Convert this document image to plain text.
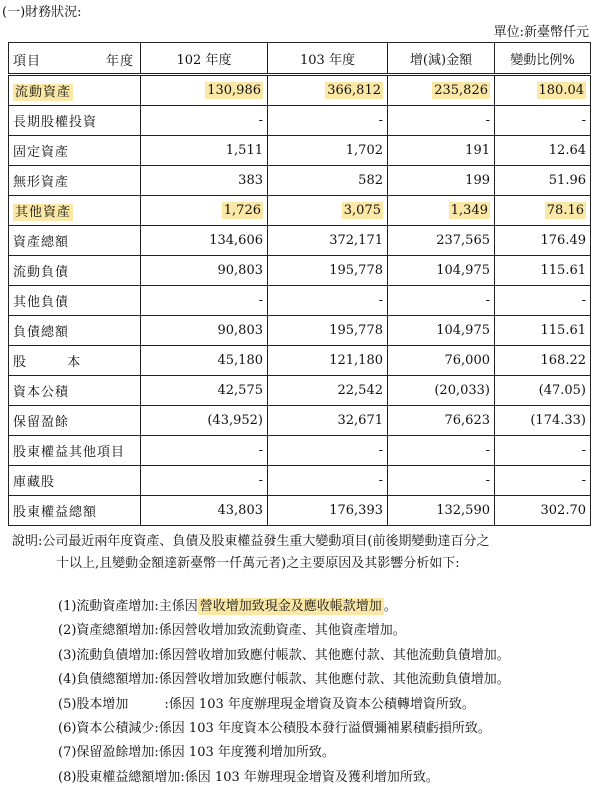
(一)財務狀況:
單位:新臺幣仟元
項目 年度	102 年度	103 年度	增(減)金額	變動比例%
流動資產	130,986	366,812	235,826	180.04
長期股權投資	-	-	-	-
固定資產	1,511	1,702	191	12.64
無形資產	383	582	199	51.96
其他資產	1,726	3,075	1,349	78.16
資產總額	134,606	372,171	237,565	176.49
流動負債	90,803	195,778	104,975	115.61
其他負債	-	-	-	-
負債總額	90,803	195,778	104,975	115.61
股 本	45,180	121,180	76,000	168.22
資本公積	42,575	22,542	(20,033)	(47.05)
保留盈餘	(43,952)	32,671	76,623	(174.33)
股東權益其他項目	-	-	-	-
庫藏股	-	-	-	-
股東權益總額	43,803	176,393	132,590	302.70
說明:公司最近兩年度資產、負債及股東權益發生重大變動項目(前後期變動達百分之
十以上,且變動金額達新臺幣一仟萬元者)之主要原因及其影響分析如下:
(1)流動資產增加:主係因 營收增加致現金及應收帳款增加 。
(2)資產總額增加:係因營收增加致流動資產、其他資產增加。
(3)流動負債增加:係因營收增加致應付帳款、其他應付款、其他流動負債增加。
(4)負債總額增加:係因營收增加致應付帳款、其他應付款、其他流動負債增加。
(5)股本增加	:係因 103 年度辦理現金增資及資本公積轉增資所致。
(6)資本公積減少:係因 103 年度資本公積股本發行溢價彌補累積虧損所致。
(7)保留盈餘增加:係因 103 年度獲利增加所致。
(8)股東權益總額增加:係因 103 年辦理現金增資及獲利增加所致。
